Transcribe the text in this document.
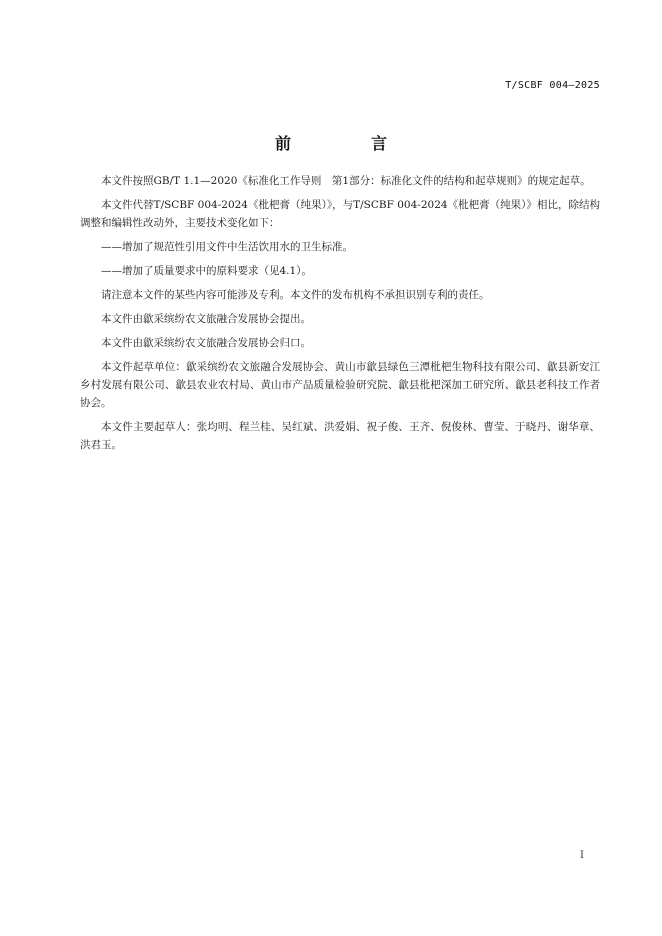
T/SCBF 004—2025
前　言

本文件按照GB/T 1.1—2020《标准化工作导则　第1部分：标准化文件的结构和起草规则》的规定起草。

本文件代替T/SCBF 004-2024《枇杷膏（纯果）》，与T/SCBF 004-2024《枇杷膏（纯果）》相比，除结构调整和编辑性改动外，主要技术变化如下：

——增加了规范性引用文件中生活饮用水的卫生标准。

——增加了质量要求中的原料要求（见4.1）。

请注意本文件的某些内容可能涉及专利。本文件的发布机构不承担识别专利的责任。

本文件由歙采缤纷农文旅融合发展协会提出。

本文件由歙采缤纷农文旅融合发展协会归口。

本文件起草单位：歙采缤纷农文旅融合发展协会、黄山市歙县绿色三潭枇杷生物科技有限公司、歙县新安江乡村发展有限公司、歙县农业农村局、黄山市产品质量检验研究院、歙县枇杷深加工研究所、歙县老科技工作者协会。

本文件主要起草人：张均明、程兰桂、吴红斌、洪爱娟、祝子俊、王齐、倪俊林、曹莹、于晓丹、谢华章、洪君玉。

I
